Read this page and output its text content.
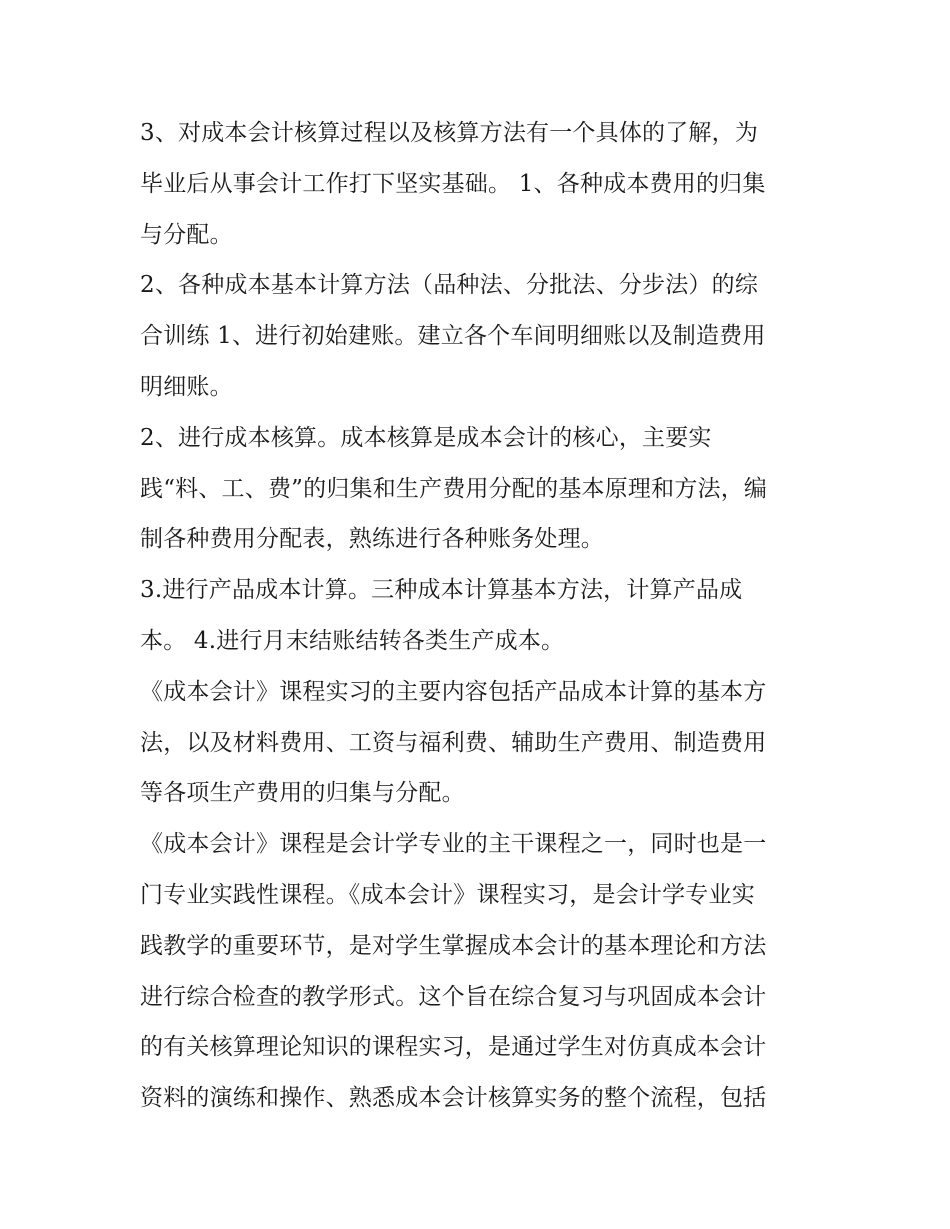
3、对成本会计核算过程以及核算方法有一个具体的了解，为
毕业后从事会计工作打下坚实基础。 1、各种成本费用的归集
与分配。
2、各种成本基本计算方法（品种法、分批法、分步法）的综
合训练 1、进行初始建账。建立各个车间明细账以及制造费用
明细账。
2、进行成本核算。成本核算是成本会计的核心，主要实
践“料、工、费”的归集和生产费用分配的基本原理和方法，编
制各种费用分配表，熟练进行各种账务处理。
3.进行产品成本计算。三种成本计算基本方法，计算产品成
本。 4.进行月末结账结转各类生产成本。
《成本会计》课程实习的主要内容包括产品成本计算的基本方
法，以及材料费用、工资与福利费、辅助生产费用、制造费用
等各项生产费用的归集与分配。
《成本会计》课程是会计学专业的主干课程之一，同时也是一
门专业实践性课程。《成本会计》课程实习，是会计学专业实
践教学的重要环节，是对学生掌握成本会计的基本理论和方法
进行综合检查的教学形式。这个旨在综合复习与巩固成本会计
的有关核算理论知识的课程实习，是通过学生对仿真成本会计
资料的演练和操作、熟悉成本会计核算实务的整个流程，包括
